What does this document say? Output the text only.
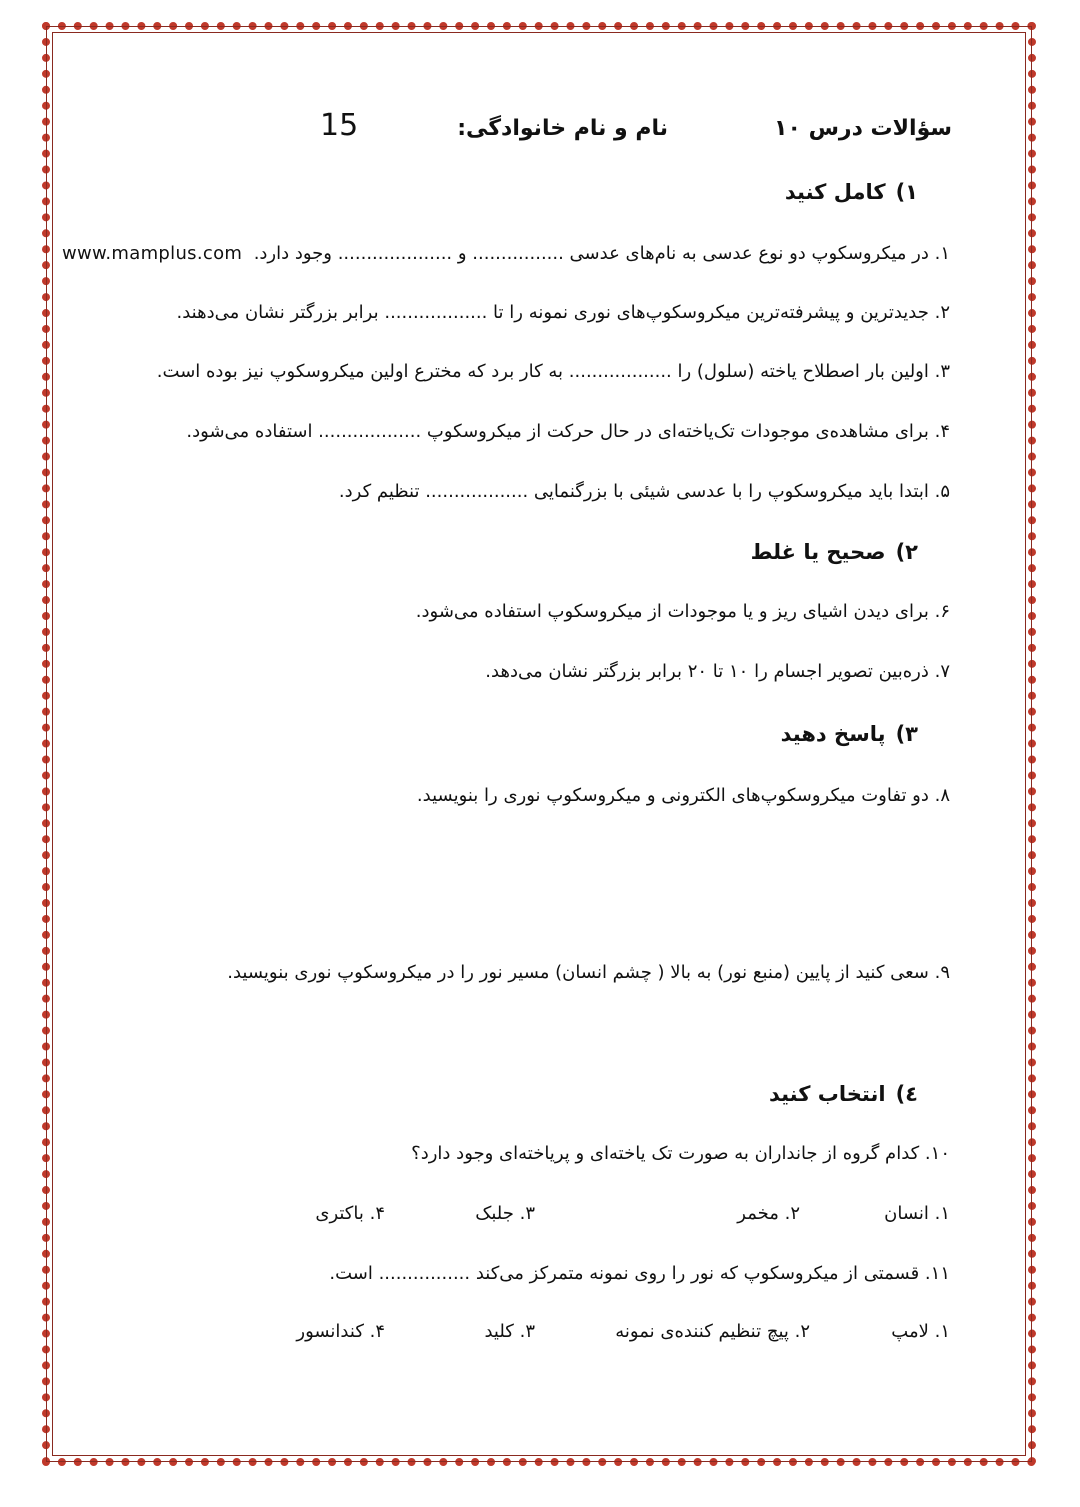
سؤالات درس ۱۰
نام و نام خانوادگی:
15
۱)
کامل کنید
۱. در میکروسکوپ دو نوع عدسی به نام‌های عدسی ................ و .................... وجود دارد.
www.mamplus.com
۲. جدیدترین و پیشرفته‌ترین میکروسکوپ‌های نوری نمونه را تا .................. برابر بزرگتر نشان می‌دهند.
۳. اولین بار اصطلاح یاخته (سلول) را .................. به کار برد که مخترع اولین میکروسکوپ نیز بوده است.
۴. برای مشاهده‌ی موجودات تک‌یاخته‌ای در حال حرکت از میکروسکوپ .................. استفاده می‌شود.
۵. ابتدا باید میکروسکوپ را با عدسی شیئی با بزرگنمایی .................. تنظیم کرد.
۲)
صحیح یا غلط
۶. برای دیدن اشیای ریز و یا موجودات از میکروسکوپ استفاده می‌شود.
۷. ذره‌بین تصویر اجسام را ۱۰ تا ۲۰ برابر بزرگتر نشان می‌دهد.
۳)
پاسخ دهید
۸. دو تفاوت میکروسکوپ‌های الکترونی و میکروسکوپ نوری را بنویسید.
۹. سعی کنید از پایین (منبع نور) به بالا ( چشم انسان) مسیر نور را در میکروسکوپ نوری بنویسید.
٤)
انتخاب کنید
۱۰. کدام گروه از جانداران به صورت تک یاخته‌ای و پریاخته‌ای وجود دارد؟
۱. انسان
۲. مخمر
۳. جلبک
۴. باکتری
۱۱. قسمتی از میکروسکوپ که نور را روی نمونه متمرکز می‌کند ................ است.
۱. لامپ
۲. پیچ تنظیم کننده‌ی نمونه
۳. کلید
۴. کندانسور
